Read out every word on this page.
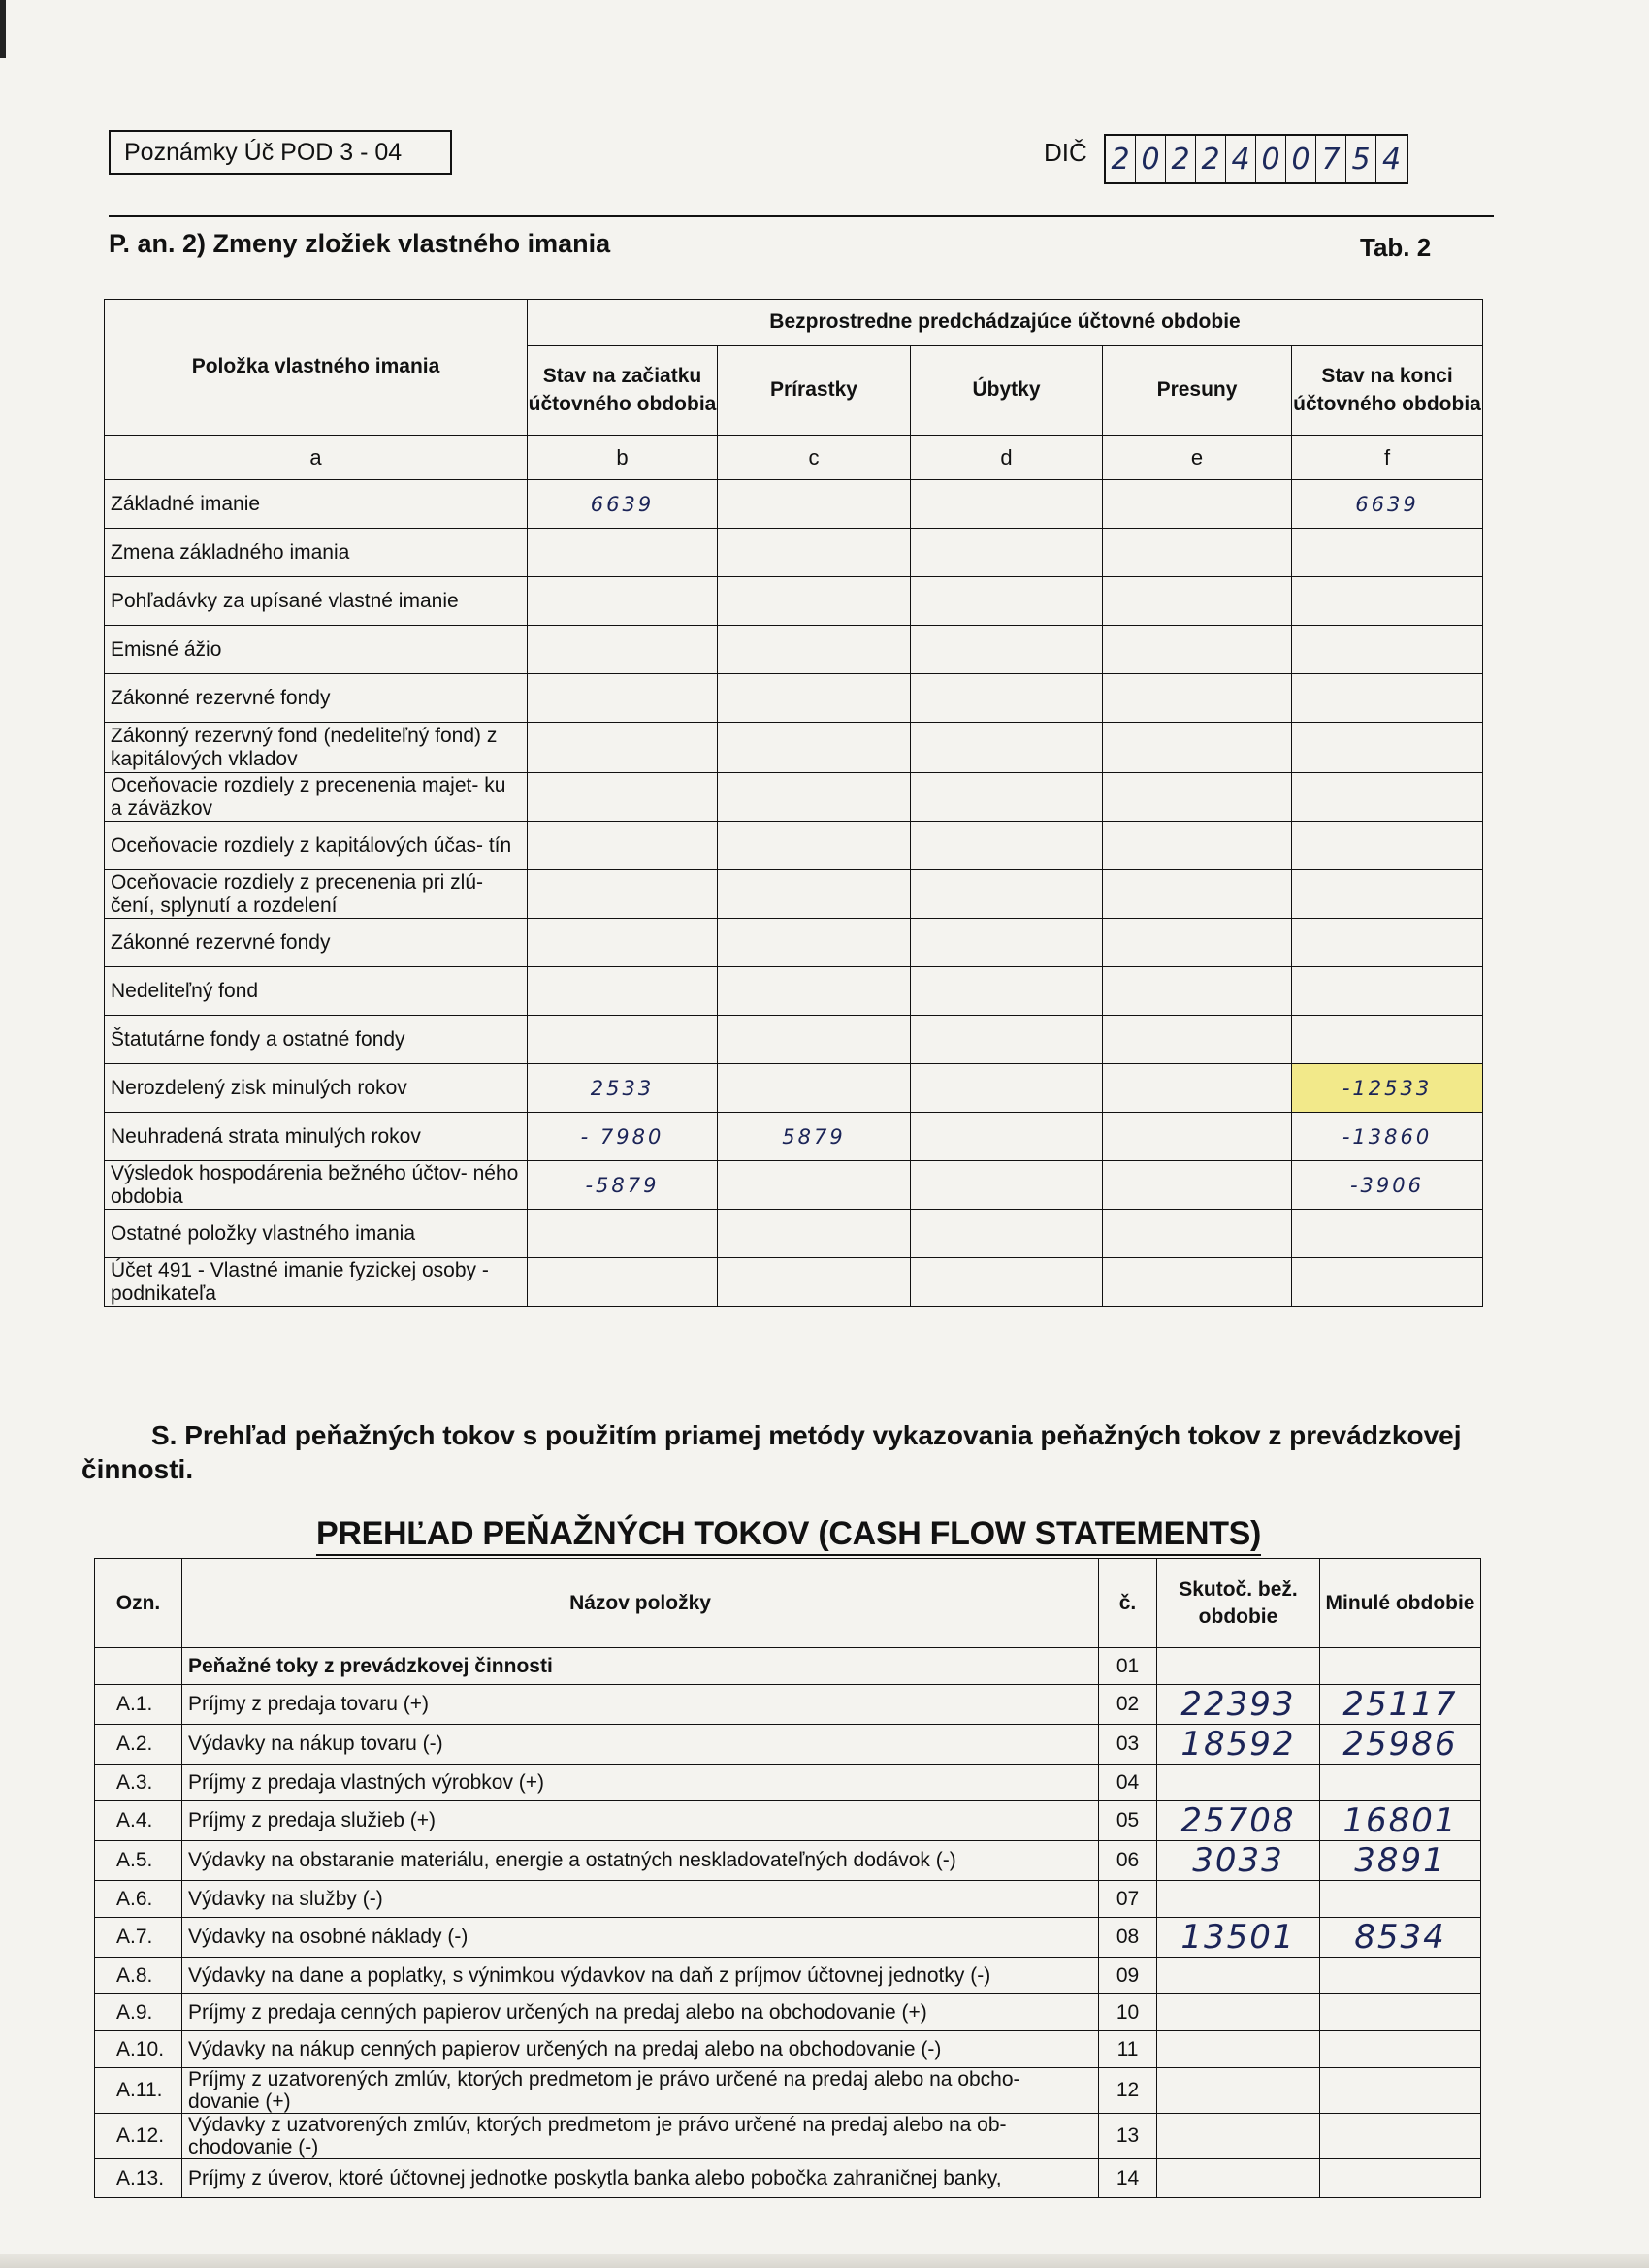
Poznámky Úč POD 3 - 04	DIČ 2 0 2 2 4 0 0 7 5 4
P. an. 2) Zmeny zložiek vlastného imania	Tab. 2
Položka vlastného imania	Bezprostredne predchádzajúce účtovné obdobie				
	Stav na začiatku účtovného obdobia	Prírastky	Úbytky	Presuny	Stav na konci účtovného obdobia
a	b	c	d	e	f
Základné imanie	6639				6639
Zmena základného imania					
Pohľadávky za upísané vlastné imanie					
Emisné ážio					
Zákonné rezervné fondy					
Zákonný rezervný fond (nedeliteľný fond) z kapitálových vkladov					
Oceňovacie rozdiely z precenenia majet- ku a záväzkov					
Oceňovacie rozdiely z kapitálových účas- tín					
Oceňovacie rozdiely z precenenia pri zlú- čení, splynutí a rozdelení					
Zákonné rezervné fondy					
Nedeliteľný fond					
Štatutárne fondy a ostatné fondy					
Nerozdelený zisk minulých rokov	2533				-12533
Neuhradená strata minulých rokov	- 7980	5879			-13860
Výsledok hospodárenia bežného účtov- ného obdobia	-5879				-3906
Ostatné položky vlastného imania					
Účet 491 - Vlastné imanie fyzickej osoby - podnikateľa					
S. Prehľad peňažných tokov s použitím priamej metódy vykazovania peňažných tokov z prevádzkovej činnosti.
PREHĽAD PEŇAŽNÝCH TOKOV (CASH FLOW STATEMENTS)
Ozn.	Názov položky	č.	Skutoč. bež. obdobie	Minulé obdobie
	Peňažné toky z prevádzkovej činnosti	01		
A.1.	Príjmy z predaja tovaru (+)	02	22393	25117
A.2.	Výdavky na nákup tovaru (-)	03	18592	25986
A.3.	Príjmy z predaja vlastných výrobkov (+)	04		
A.4.	Príjmy z predaja služieb (+)	05	25708	16801
A.5.	Výdavky na obstaranie materiálu, energie a ostatných neskladovateľných dodávok (-)	06	3033	3891
A.6.	Výdavky na služby (-)	07		
A.7.	Výdavky na osobné náklady (-)	08	13501	8534
A.8.	Výdavky na dane a poplatky, s výnimkou výdavkov na daň z príjmov účtovnej jednotky (-)	09		
A.9.	Príjmy z predaja cenných papierov určených na predaj alebo na obchodovanie (+)	10		
A.10.	Výdavky na nákup cenných papierov určených na predaj alebo na obchodovanie (-)	11		
A.11.	Príjmy z uzatvorených zmlúv, ktorých predmetom je právo určené na predaj alebo na obcho- dovanie (+)	12		
A.12.	Výdavky z uzatvorených zmlúv, ktorých predmetom je právo určené na predaj alebo na ob- chodovanie (-)	13		
A.13.	Príjmy z úverov, ktoré účtovnej jednotke poskytla banka alebo pobočka zahraničnej banky,	14		
